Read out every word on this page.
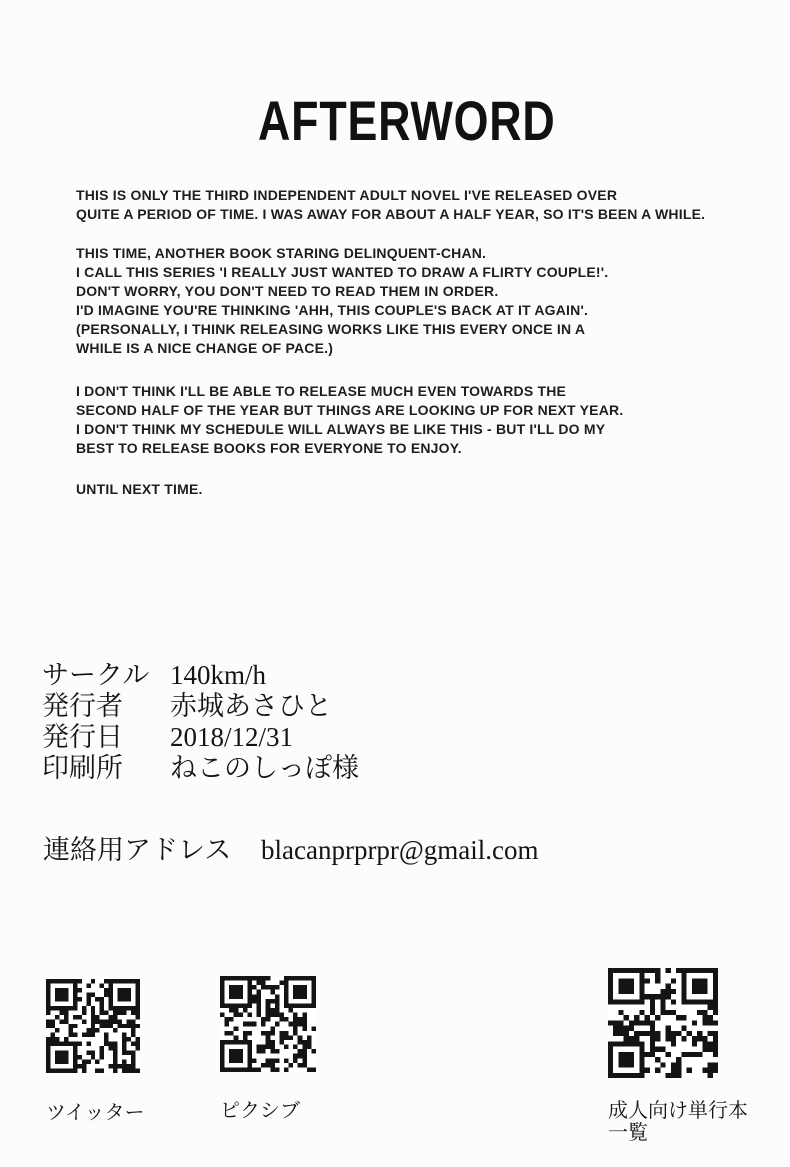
AFTERWORD

THIS IS ONLY THE THIRD INDEPENDENT ADULT NOVEL I'VE RELEASED OVER
QUITE A PERIOD OF TIME. I WAS AWAY FOR ABOUT A HALF YEAR, SO IT'S BEEN A WHILE.

THIS TIME, ANOTHER BOOK STARING DELINQUENT-CHAN.
I CALL THIS SERIES 'I REALLY JUST WANTED TO DRAW A FLIRTY COUPLE!'.
DON'T WORRY, YOU DON'T NEED TO READ THEM IN ORDER.
I'D IMAGINE YOU'RE THINKING 'AHH, THIS COUPLE'S BACK AT IT AGAIN'.
(PERSONALLY, I THINK RELEASING WORKS LIKE THIS EVERY ONCE IN A
WHILE IS A NICE CHANGE OF PACE.)

I DON'T THINK I'LL BE ABLE TO RELEASE MUCH EVEN TOWARDS THE
SECOND HALF OF THE YEAR BUT THINGS ARE LOOKING UP FOR NEXT YEAR.
I DON'T THINK MY SCHEDULE WILL ALWAYS BE LIKE THIS - BUT I'LL DO MY
BEST TO RELEASE BOOKS FOR EVERYONE TO ENJOY.

UNTIL NEXT TIME.

サークル 140km/h
発行者 赤城あさひと
発行日 2018/12/31
印刷所 ねこのしっぽ様
連絡用アドレス blacanprprpr@gmail.com
ツイッター	ピクシブ	成人向け単行本
一覧
